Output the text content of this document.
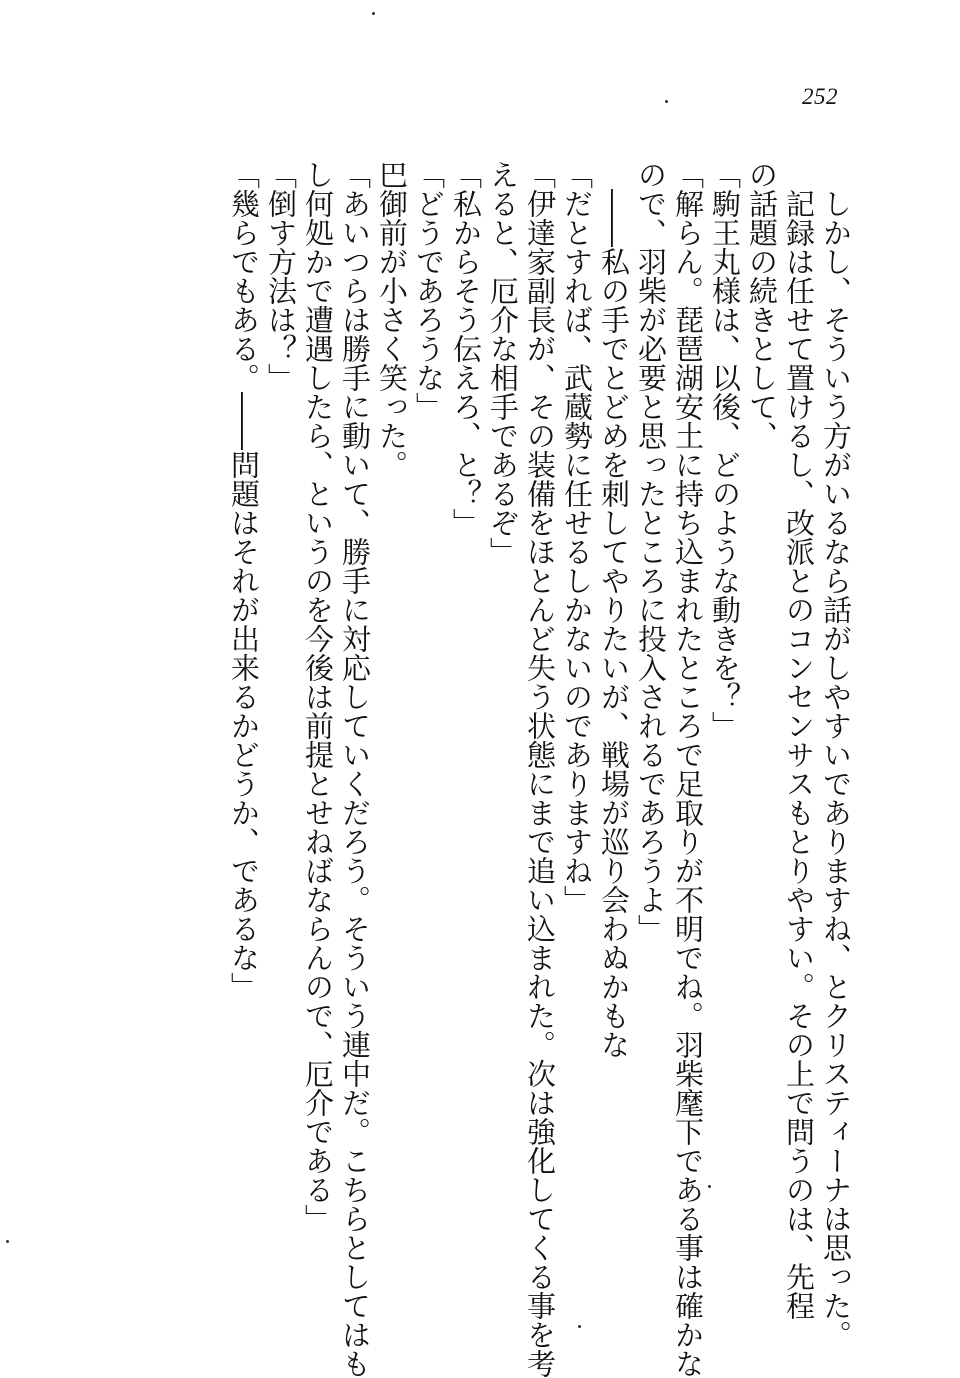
252
しかし、そういう方がいるなら話がしやすいでありますね、とクリスティーナは思った。
記録は任せて置けるし、改派とのコンセンサスもとりやすい。その上で問うのは、先程
の話題の続きとして、
「駒王丸様は、以後、どのような動きを？」
「解らん。琵琶湖安土に持ち込まれたところで足取りが不明でね。羽柴麾下である事は確かな
ので、羽柴が必要と思ったところに投入されるであろうよ」
――私の手でとどめを刺してやりたいが、戦場が巡り会わぬかもな
「だとすれば、武蔵勢に任せるしかないのでありますね」
「伊達家副長が、その装備をほとんど失う状態にまで追い込まれた。次は強化してくる事を考
えると、厄介な相手であるぞ」
「私からそう伝えろ、と？」
「どうであろうな」
巴御前が小さく笑った。
「あいつらは勝手に動いて、勝手に対応していくだろう。そういう連中だ。こちらとしてはも
し何処かで遭遇したら、というのを今後は前提とせねばならんので、厄介である」
「倒す方法は？」
「幾らでもある。――問題はそれが出来るかどうか、であるな」
